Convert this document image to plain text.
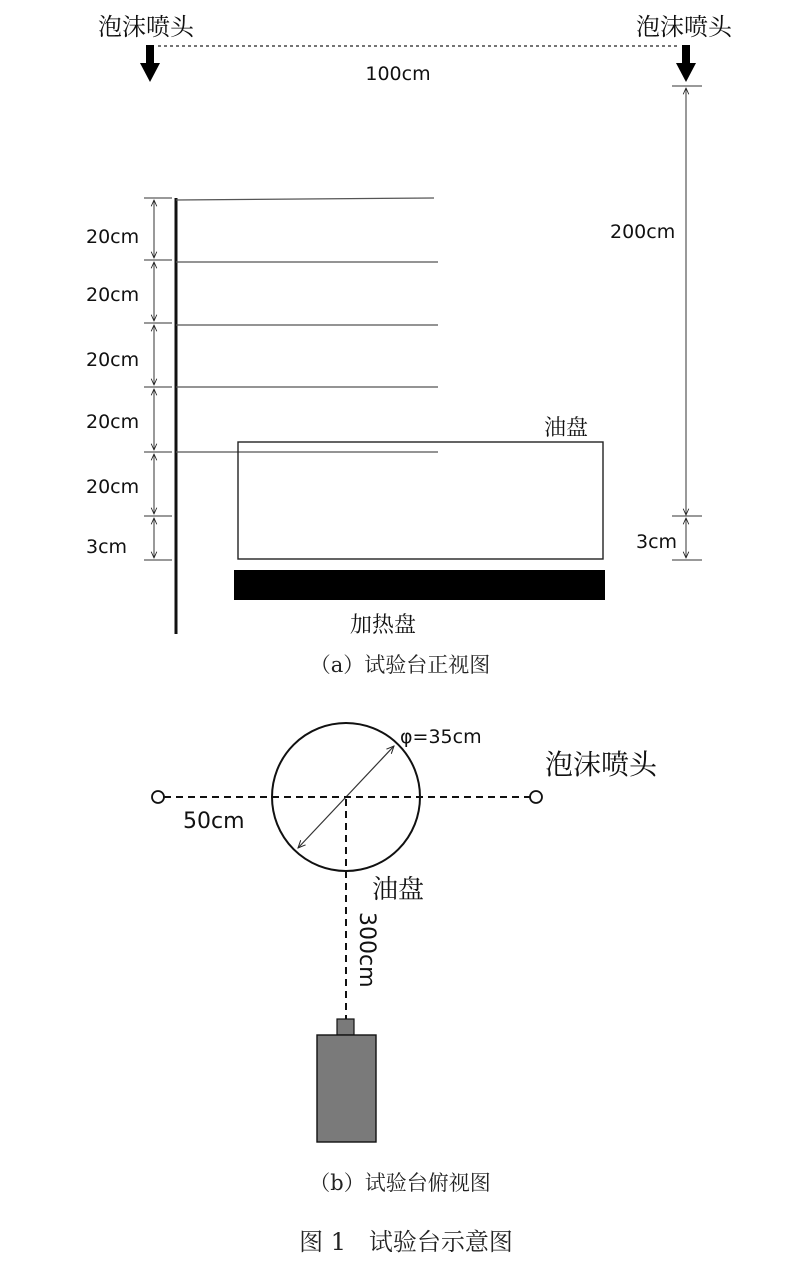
泡沫喷头	泡沫喷头
100cm
200cm
3cm
20cm
20cm
20cm
20cm
20cm
3cm
油盘
加热盘
（a）试验台正视图
φ=35cm
泡沫喷头
50cm
油盘
300cm
（b）试验台俯视图
图 1   试验台示意图
